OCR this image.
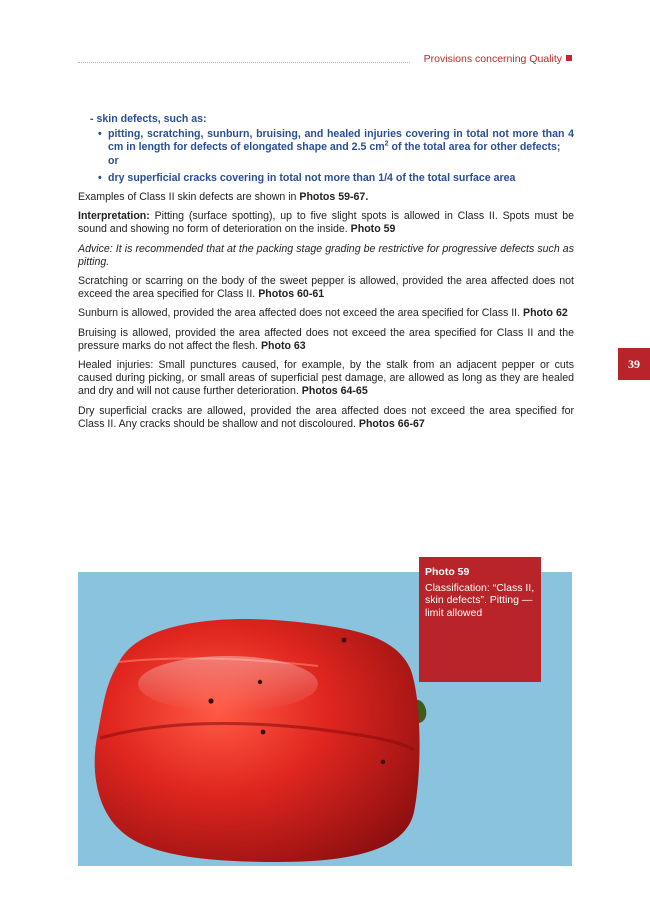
Provisions concerning Quality
- skin defects, such as:
• pitting, scratching, sunburn, bruising, and healed injuries covering in total not more than 4 cm in length for defects of elongated shape and 2.5 $cm^2$ of the total area for other defects;
or
• dry superficial cracks covering in total not more than 1/4 of the total surface area

Examples of Class II skin defects are shown in Photos 59-67.

Interpretation: Pitting (surface spotting), up to five slight spots is allowed in Class II. Spots must be sound and showing no form of deterioration on the inside. Photo 59

Advice: It is recommended that at the packing stage grading be restrictive for progressive defects such as pitting.

Scratching or scarring on the body of the sweet pepper is allowed, provided the area affected does not exceed the area specified for Class II. Photos 60-61

Sunburn is allowed, provided the area affected does not exceed the area specified for Class II. Photo 62

Bruising is allowed, provided the area affected does not exceed the area specified for Class II and the pressure marks do not affect the flesh. Photo 63

Healed injuries: Small punctures caused, for example, by the stalk from an adjacent pepper or cuts caused during picking, or small areas of superficial pest damage, are allowed as long as they are healed and dry and will not cause further deterioration. Photos 64-65

Dry superficial cracks are allowed, provided the area affected does not exceed the area specified for Class II. Any cracks should be shallow and not discoloured. Photos 66-67

39
Photo 59
Classification: “Class II, skin defects”. Pitting — limit allowed
